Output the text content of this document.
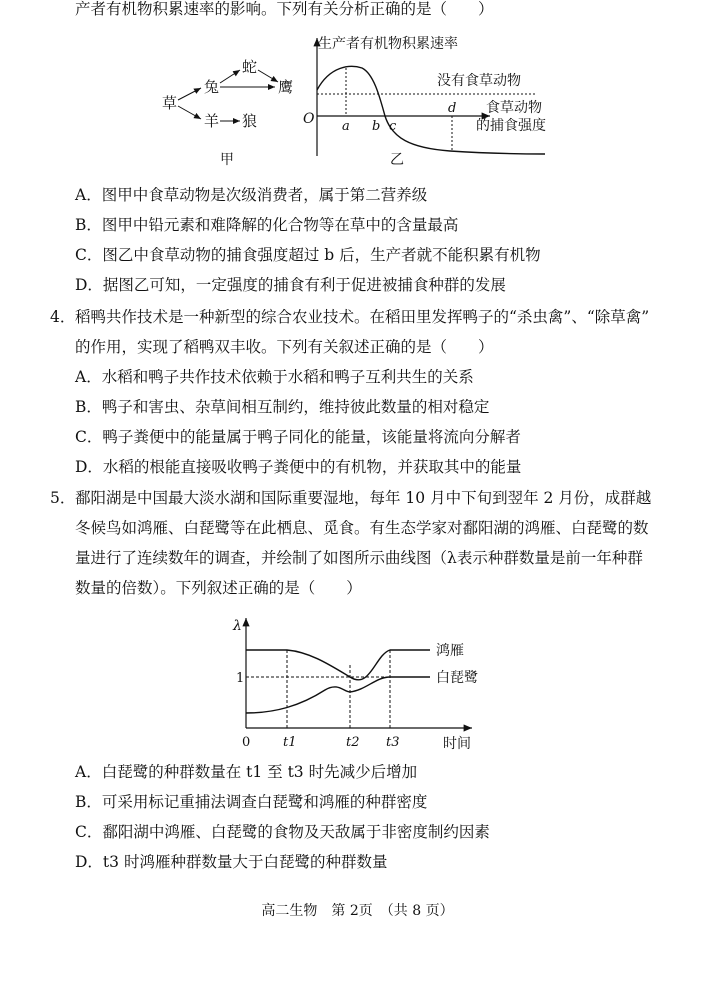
产者有机物积累速率的影响。下列有关分析正确的是（　　）
草
兔
蛇
鹰
羊 狼
甲
生产者有机物积累速率
O
没有食草动物
a b c
d 食草动物
的捕食强度
乙
A．图甲中食草动物是次级消费者，属于第二营养级
B．图甲中铅元素和难降解的化合物等在草中的含量最高
C．图乙中食草动物的捕食强度超过 b 后，生产者就不能积累有机物
D．据图乙可知，一定强度的捕食有利于促进被捕食种群的发展
4． 稻鸭共作技术是一种新型的综合农业技术。在稻田里发挥鸭子的“杀虫禽”、“除草禽”
的作用，实现了稻鸭双丰收。下列有关叙述正确的是（　　）
A．水稻和鸭子共作技术依赖于水稻和鸭子互利共生的关系
B．鸭子和害虫、杂草间相互制约，维持彼此数量的相对稳定
C．鸭子粪便中的能量属于鸭子同化的能量，该能量将流向分解者
D．水稻的根能直接吸收鸭子粪便中的有机物，并获取其中的能量
5． 鄱阳湖是中国最大淡水湖和国际重要湿地，每年 10 月中下旬到翌年 2 月份，成群越
冬候鸟如鸿雁、白琵鹭等在此栖息、觅食。有生态学家对鄱阳湖的鸿雁、白琵鹭的数
量进行了连续数年的调查，并绘制了如图所示曲线图（λ表示种群数量是前一年种群
数量的倍数）。下列叙述正确的是（　　）
λ
1
0	t1	t2 t3	时间
鸿雁
白琵鹭
A．白琵鹭的种群数量在 t1 至 t3 时先减少后增加
B．可采用标记重捕法调查白琵鹭和鸿雁的种群密度
C．鄱阳湖中鸿雁、白琵鹭的食物及天敌属于非密度制约因素
D．t3 时鸿雁种群数量大于白琵鹭的种群数量
高二生物　第 2页　（共 8 页）
